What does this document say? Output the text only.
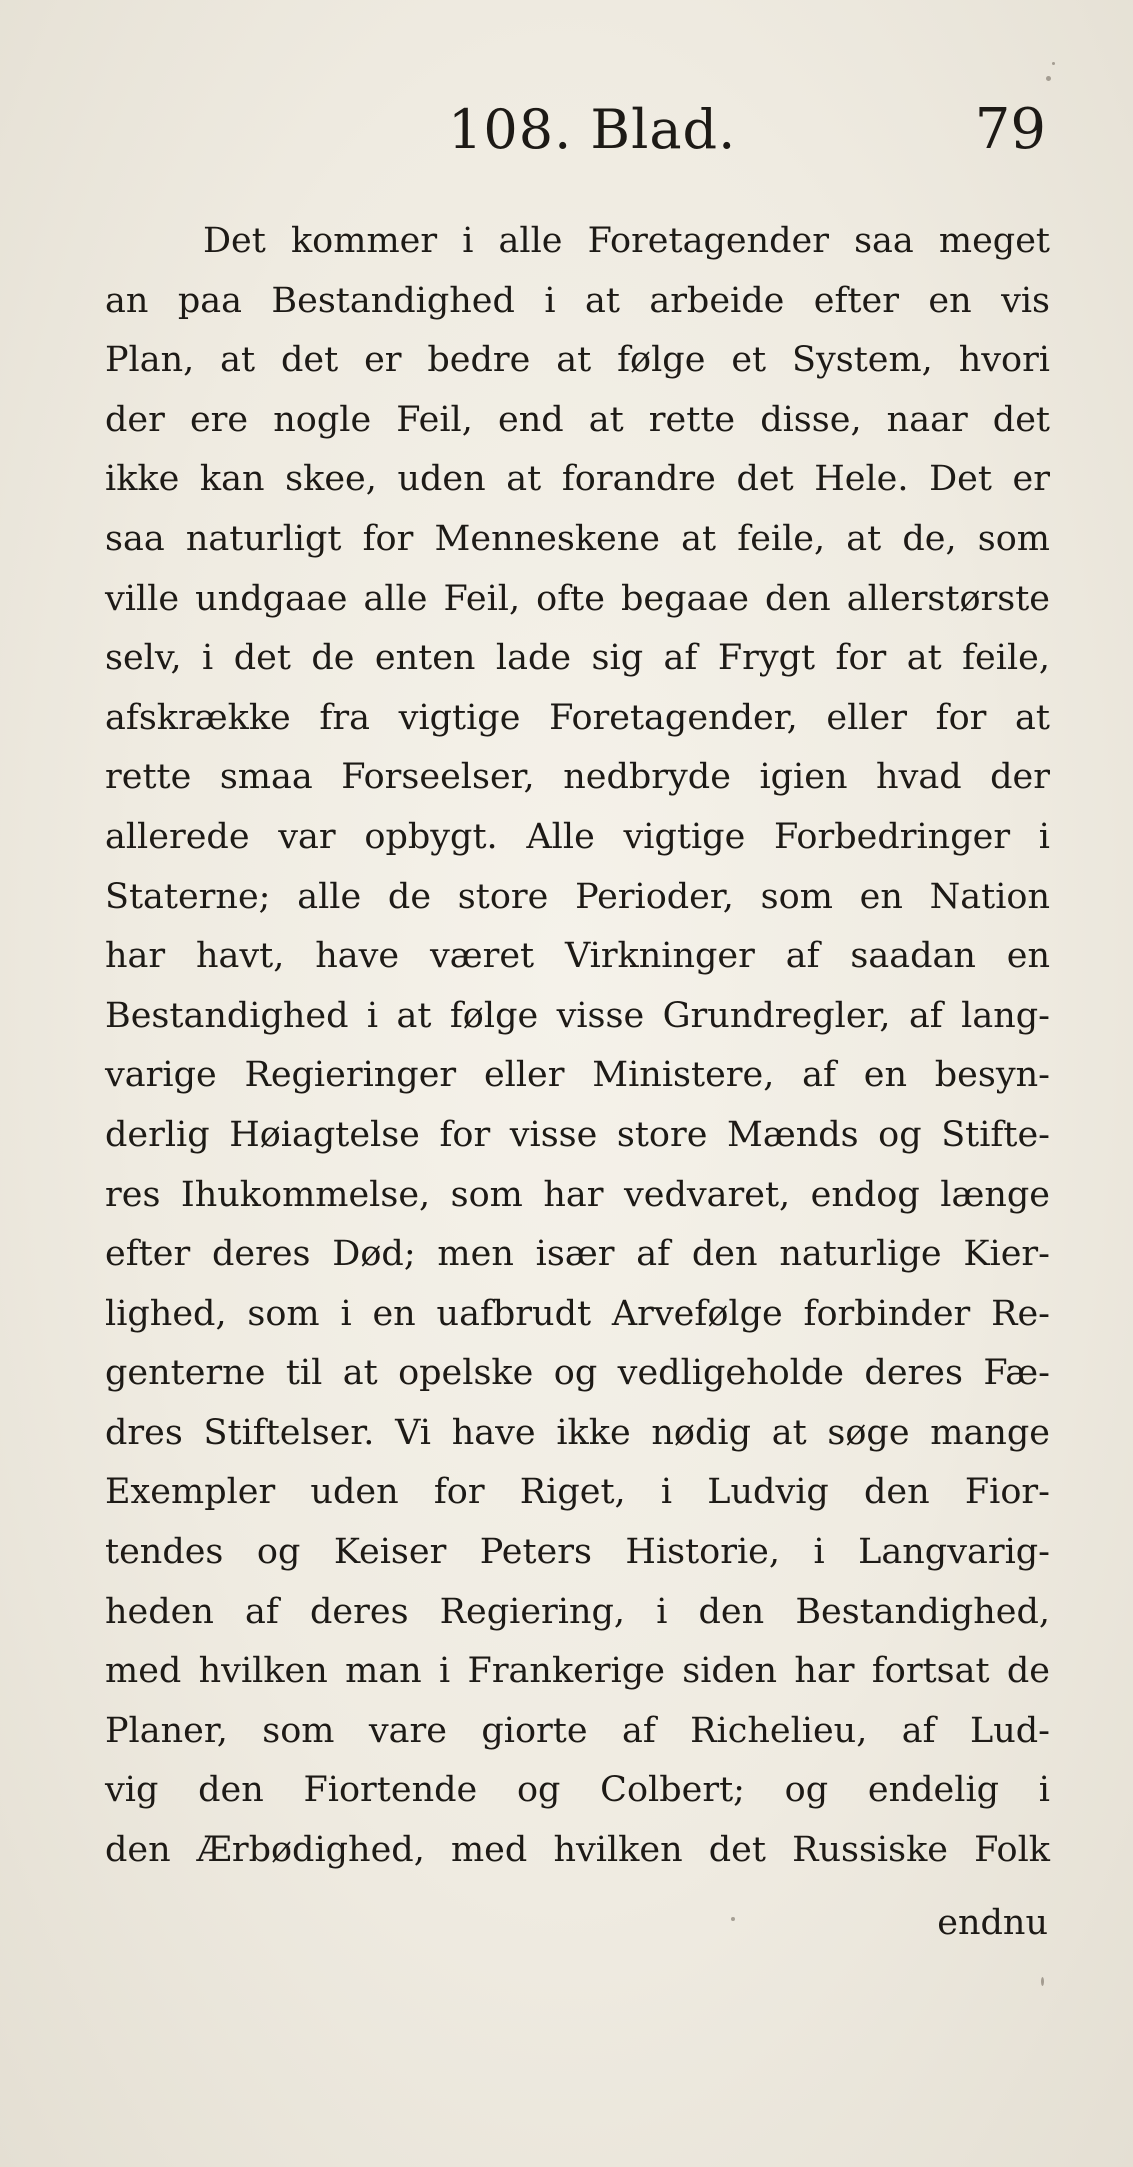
108. Blad.	79
Det kommer i alle Foretagender saa meget
an paa Bestandighed i at arbeide efter en vis
Plan, at det er bedre at følge et System, hvori
der ere nogle Feil, end at rette disse, naar det
ikke kan skee, uden at forandre det Hele. Det er
saa naturligt for Menneskene at feile, at de, som
ville undgaae alle Feil, ofte begaae den allerstørste
selv, i det de enten lade sig af Frygt for at feile,
afskrække fra vigtige Foretagender, eller for at
rette smaa Forseelser, nedbryde igien hvad der
allerede var opbygt. Alle vigtige Forbedringer i
Staterne; alle de store Perioder, som en Nation
har havt, have været Virkninger af saadan en
Bestandighed i at følge visse Grundregler, af lang-
varige Regieringer eller Ministere, af en besyn-
derlig Høiagtelse for visse store Mænds og Stifte-
res Ihukommelse, som har vedvaret, endog længe
efter deres Død; men især af den naturlige Kier-
lighed, som i en uafbrudt Arvefølge forbinder Re-
genterne til at opelske og vedligeholde deres Fæ-
dres Stiftelser. Vi have ikke nødig at søge mange
Exempler uden for Riget, i Ludvig den Fior-
tendes og Keiser Peters Historie, i Langvarig-
heden af deres Regiering, i den Bestandighed,
med hvilken man i Frankerige siden har fortsat de
Planer, som vare giorte af Richelieu, af Lud-
vig den Fiortende og Colbert; og endelig i
den Ærbødighed, med hvilken det Russiske Folk
endnu
